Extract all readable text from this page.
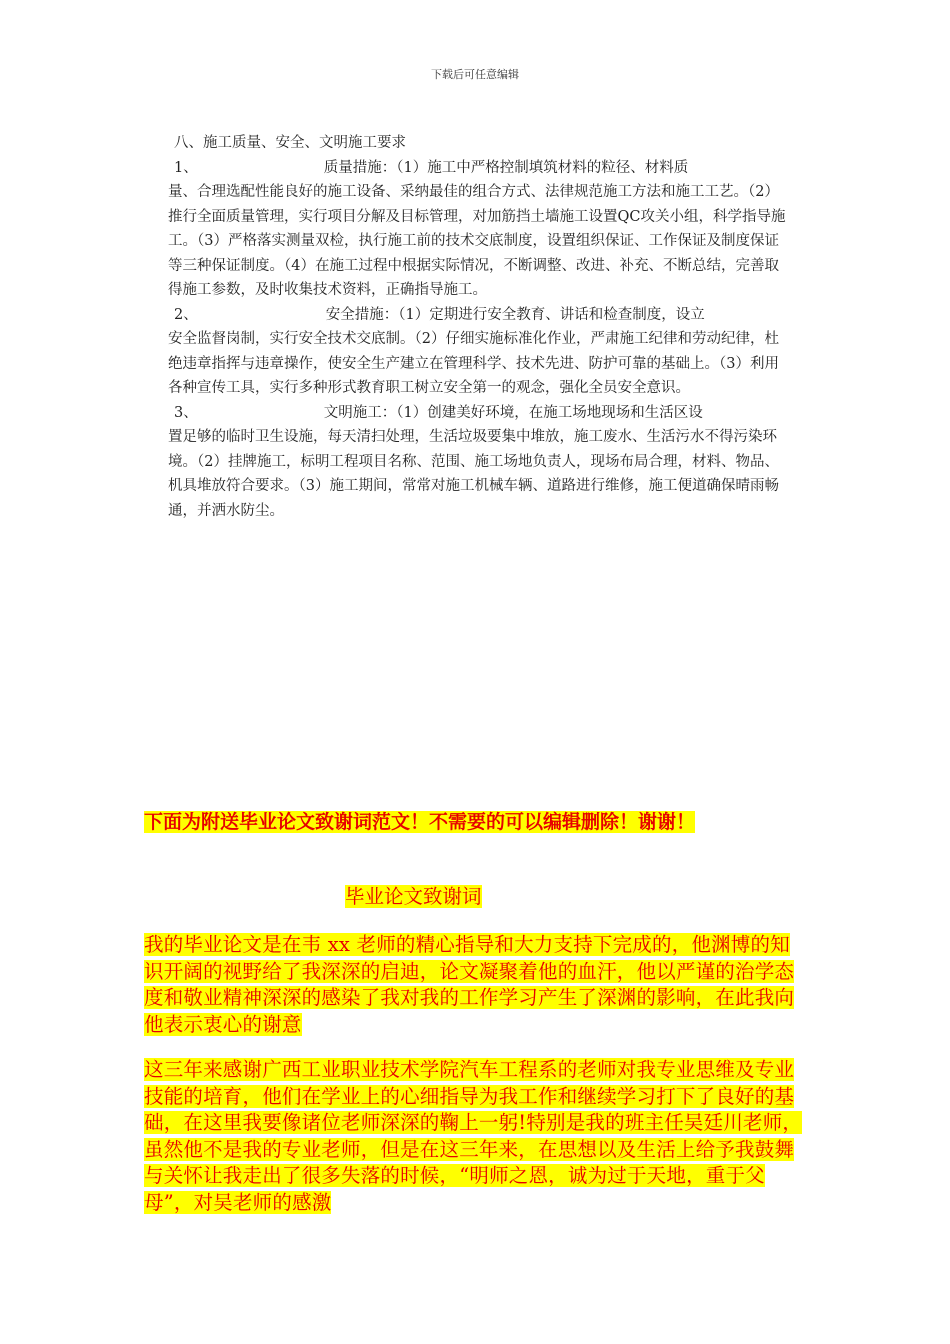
下载后可任意编辑

八、施工质量、安全、文明施工要求

1、	质量措施：（1）施工中严格控制填筑材料的粒径、材料质
量、合理选配性能良好的施工设备、采纳最佳的组合方式、法律规范施工方法和施工工艺。（2）推行全面质量管理，实行项目分解及目标管理，对加筋挡土墙施工设置QC攻关小组，科学指导施工。（3）严格落实测量双检，执行施工前的技术交底制度，设置组织保证、工作保证及制度保证等三种保证制度。（4）在施工过程中根据实际情况，不断调整、改进、补充、不断总结，完善取得施工参数，及时收集技术资料，正确指导施工。

2、	安全措施：（1）定期进行安全教育、讲话和检查制度，设立
安全监督岗制，实行安全技术交底制。（2）仔细实施标准化作业，严肃施工纪律和劳动纪律，杜绝违章指挥与违章操作，使安全生产建立在管理科学、技术先进、防护可靠的基础上。（3）利用各种宣传工具，实行多种形式教育职工树立安全第一的观念，强化全员安全意识。

3、	文明施工：（1）创建美好环境，在施工场地现场和生活区设
置足够的临时卫生设施，每天清扫处理，生活垃圾要集中堆放，施工废水、生活污水不得污染环境。（2）挂牌施工，标明工程项目名称、范围、施工场地负责人，现场布局合理，材料、物品、机具堆放符合要求。（3）施工期间，常常对施工机械车辆、道路进行维修，施工便道确保晴雨畅通，并洒水防尘。

下面为附送毕业论文致谢词范文！不需要的可以编辑删除！谢谢！
毕业论文致谢词

我的毕业论文是在韦 xx 老师的精心指导和大力支持下完成的，他渊博的知识开阔的视野给了我深深的启迪，论文凝聚着他的血汗，他以严谨的治学态度和敬业精神深深的感染了我对我的工作学习产生了深渊的影响，在此我向他表示衷心的谢意

这三年来感谢广西工业职业技术学院汽车工程系的老师对我专业思维及专业技能的培育，他们在学业上的心细指导为我工作和继续学习打下了良好的基础，在这里我要像诸位老师深深的鞠上一躬!特别是我的班主任吴廷川老师，虽然他不是我的专业老师，但是在这三年来，在思想以及生活上给予我鼓舞与关怀让我走出了很多失落的时候，“明师之恩，诚为过于天地，重于父母”，对吴老师的感激
